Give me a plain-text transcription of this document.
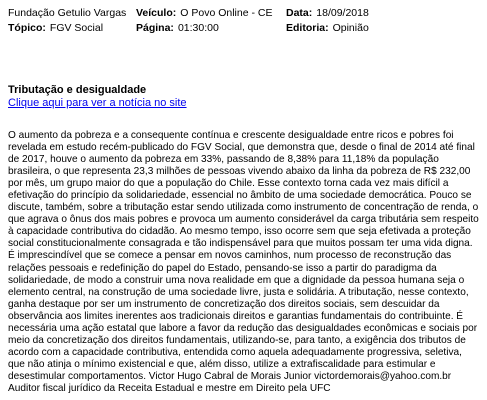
Fundação Getulio Vargas Veículo: O Povo Online - CE	Data: 18/09/2018
Tópico: FGV Social	Página: 01:30:00	Editoria: Opinião
Tributação e desigualdade
Clique aqui para ver a notícia no site

O aumento da pobreza e a consequente contínua e crescente desigualdade entre ricos e pobres foi revelada em estudo recém-publicado do FGV Social, que demonstra que, desde o final de 2014 até final de 2017, houve o aumento da pobreza em 33%, passando de 8,38% para 11,18% da população brasileira, o que representa 23,3 milhões de pessoas vivendo abaixo da linha da pobreza de R$ 232,00 por mês, um grupo maior do que a população do Chile. Esse contexto torna cada vez mais difícil a efetivação do princípio da solidariedade, essencial no âmbito de uma sociedade democrática. Pouco se discute, também, sobre a tributação estar sendo utilizada como instrumento de concentração de renda, o que agrava o ônus dos mais pobres e provoca um aumento considerável da carga tributária sem respeito à capacidade contributiva do cidadão. Ao mesmo tempo, isso ocorre sem que seja efetivada a proteção social constitucionalmente consagrada e tão indispensável para que muitos possam ter uma vida digna. É imprescindível que se comece a pensar em novos caminhos, num processo de reconstrução das relações pessoais e redefinição do papel do Estado, pensando-se isso a partir do paradigma da solidariedade, de modo a construir uma nova realidade em que a dignidade da pessoa humana seja o elemento central, na construção de uma sociedade livre, justa e solidária. A tributação, nesse contexto, ganha destaque por ser um instrumento de concretização dos direitos sociais, sem descuidar da observância aos limites inerentes aos tradicionais direitos e garantias fundamentais do contribuinte. É necessária uma ação estatal que labore a favor da redução das desigualdades econômicas e sociais por meio da concretização dos direitos fundamentais, utilizando-se, para tanto, a exigência dos tributos de acordo com a capacidade contributiva, entendida como aquela adequadamente progressiva, seletiva, que não atinja o mínimo existencial e que, além disso, utilize a extrafiscalidade para estimular e desestimular comportamentos. Victor Hugo Cabral de Morais Junior victordemorais@yahoo.com.br Auditor fiscal jurídico da Receita Estadual e mestre em Direito pela UFC
